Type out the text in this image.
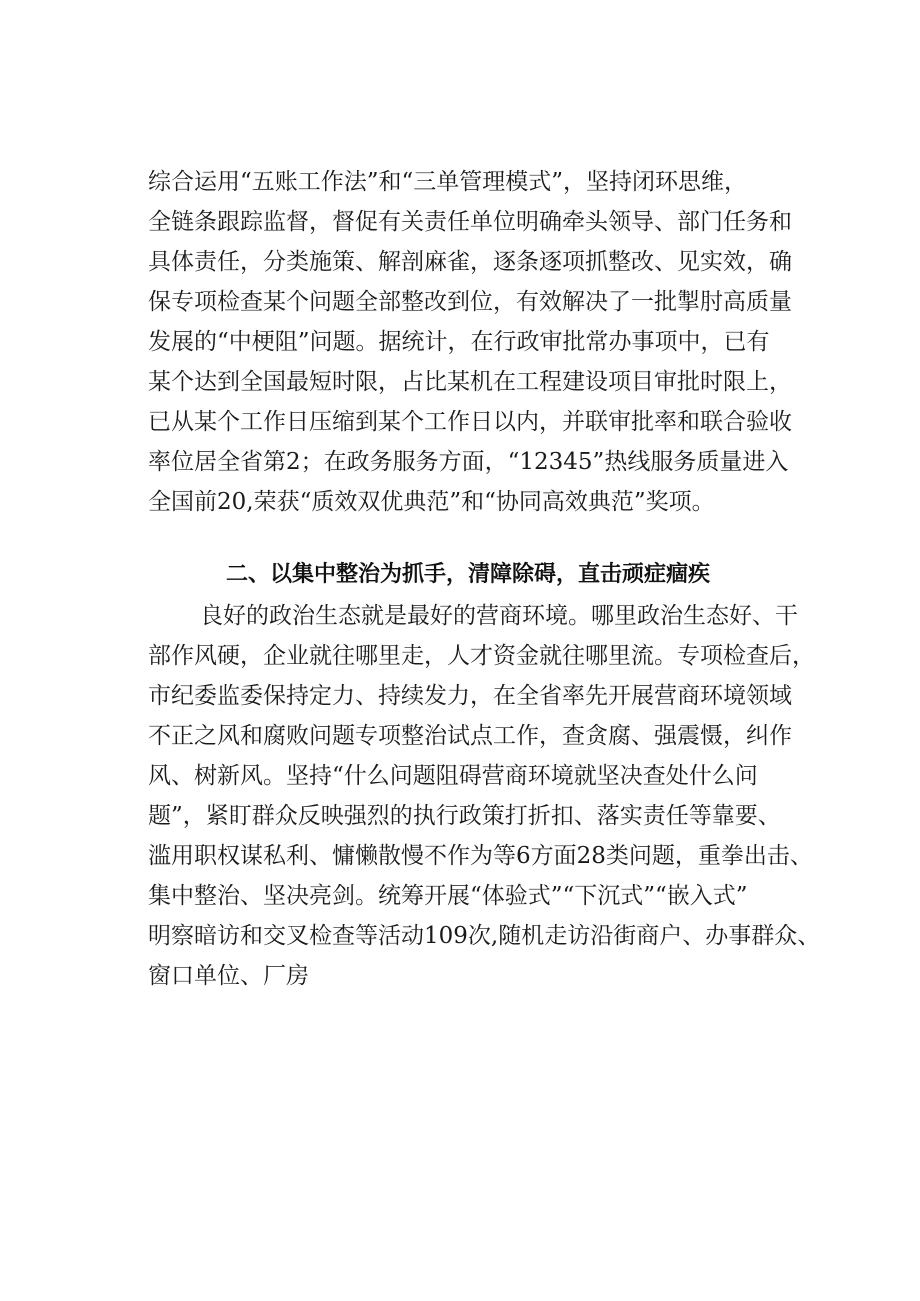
综合运用“五账工作法”和“三单管理模式”，坚持闭环思维，
全链条跟踪监督，督促有关责任单位明确牵头领导、部门任务和
具体责任，分类施策、解剖麻雀，逐条逐项抓整改、见实效，确
保专项检查某个问题全部整改到位，有效解决了一批掣肘高质量
发展的“中梗阻”问题。据统计，在行政审批常办事项中，已有
某个达到全国最短时限，占比某机在工程建设项目审批时限上，
已从某个工作日压缩到某个工作日以内，并联审批率和联合验收
率位居全省第2；在政务服务方面，“12345”热线服务质量进入
全国前20,荣获“质效双优典范”和“协同高效典范”奖项。
二、以集中整治为抓手，清障除碍，直击顽症痼疾
良好的政治生态就是最好的营商环境。哪里政治生态好、干
部作风硬，企业就往哪里走，人才资金就往哪里流。专项检查后，
市纪委监委保持定力、持续发力，在全省率先开展营商环境领域
不正之风和腐败问题专项整治试点工作，查贪腐、强震慑，纠作
风、树新风。坚持“什么问题阻碍营商环境就坚决查处什么问
题”，紧盯群众反映强烈的执行政策打折扣、落实责任等靠要、
滥用职权谋私利、慵懒散慢不作为等6方面28类问题，重拳出击、
集中整治、坚决亮剑。统筹开展“体验式”“下沉式”“嵌入式”
明察暗访和交叉检查等活动109次,随机走访沿街商户、办事群众、
窗口单位、厂房
